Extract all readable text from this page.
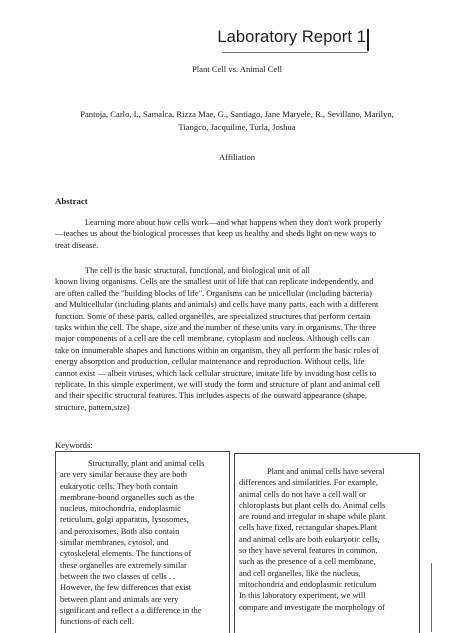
Laboratory Report 1
Plant Cell vs. Animal Cell
Pantoja, Carlo, I., Samalca, Rizza Mae, G., Santiago, Jane Maryele, R., Sevillano, Marilyn,
Tiangco, Jacquiline, Turla, Joshua
Affiliation
Abstract
Learning more about how cells work—and what happens when they don't work properly
—teaches us about the biological processes that keep us healthy and sheds light on new ways to
treat disease.
The cell is the basic structural, functional, and biological unit of all
known living organisms. Cells are the smallest unit of life that can replicate independently, and
are often called the "building blocks of life". Organisms can be unicellular (including bacteria)
and Multicellular (including plants and animals) and cells have many parts, each with a different
function. Some of these parts, called organelles, are specialized structures that perform certain
tasks within the cell. The shape, size and the number of these units vary in organisms. The three
major components of a cell are the cell membrane, cytoplasm and nucleus. Although cells can
take on innumerable shapes and functions within an organism, they all perform the basic roles of
energy absorption and production, cellular maintenance and reproduction. Without cells, life
cannot exist — albeit viruses, which lack cellular structure, imitate life by invading host cells to
replicate. In this simple experiment, we will study the form and structure of plant and animal cell
and their specific structural features. This includes aspects of the outward appearance (shape,
structure, pattern,size)
Keywords:
Structurally, plant and animal cells
are very similar because they are both
eukaryotic cells. They both contain
membrane-bound organelles such as the
nucleus, mitochondria, endoplasmic
reticulum, golgi apparatus, lysosomes,
and peroxisomes. Both also contain
similar membranes, cytosol, and
cytoskeletal elements. The functions of
these organelles are extremely similar
between the two classes of cells . .
However, the few differences that exist
between plant and animals are very
significant and reflect a a difference in the
functions of each cell.
Plant and animal cells have several
differences and similarities. For example,
animal cells do not have a cell wall or
chloroplasts but plant cells do. Animal cells
are round and irregular in shape while plant
cells have fixed, rectangular shapes.Plant
and animal cells are both eukaryotic cells,
so they have several features in common,
such as the presence of a cell membrane,
and cell organelles, like the nucleus,
mitochondria and endoplasmic reticulum
In this laboratory experiment, we will
compare and investigate the morphology of
